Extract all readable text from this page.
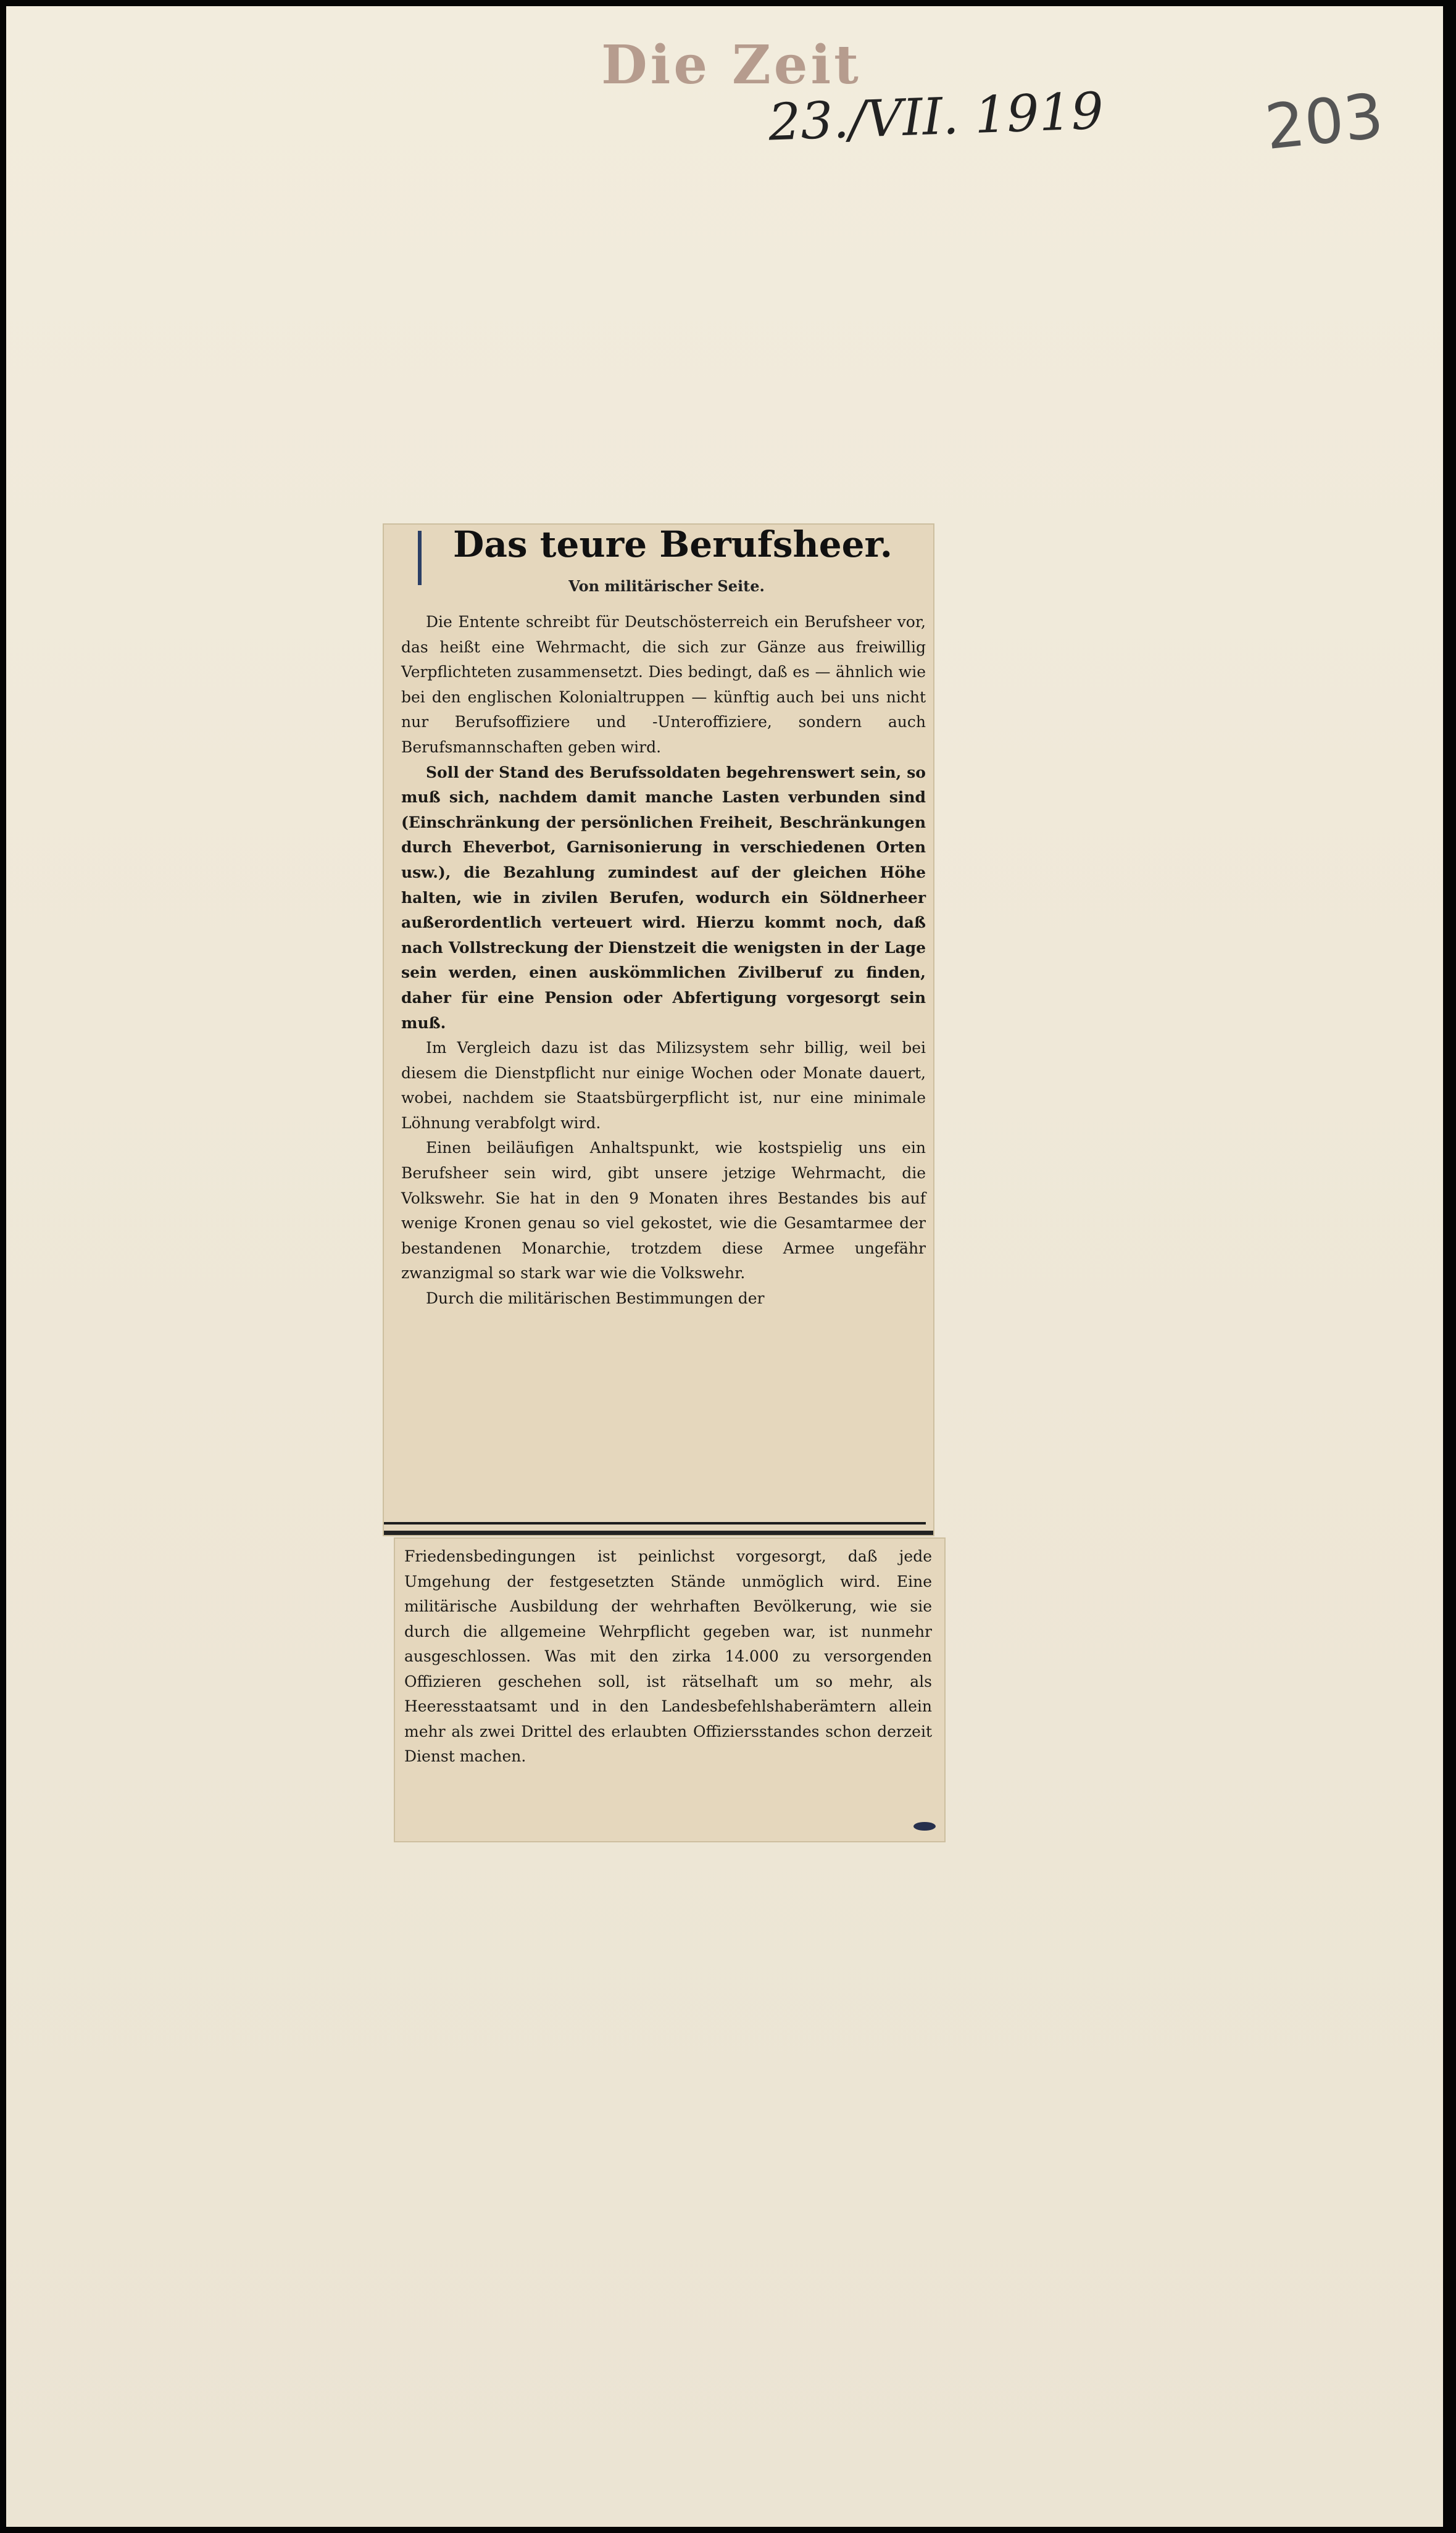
Die Zeit
23./VII. 1919	203
Das teure Berufsheer.
Von militärischer Seite.

Die Entente schreibt für Deutschösterreich ein Berufsheer vor, das heißt eine Wehrmacht, die sich zur Gänze aus freiwillig Verpflichteten zusammensetzt. Dies bedingt, daß es — ähnlich wie bei den englischen Kolonialtruppen — künftig auch bei uns nicht nur Berufsoffiziere und -Unteroffiziere, sondern auch Berufsmannschaften geben wird.

Soll der Stand des Berufssoldaten begehrenswert sein, so muß sich, nachdem damit manche Lasten verbunden sind (Einschränkung der persönlichen Freiheit, Beschränkungen durch Eheverbot, Garnisonierung in verschiedenen Orten usw.), die Bezahlung zumindest auf der gleichen Höhe halten, wie in zivilen Berufen, wodurch ein Söldnerheer außerordentlich verteuert wird. Hierzu kommt noch, daß nach Vollstreckung der Dienstzeit die wenigsten in der Lage sein werden, einen auskömmlichen Zivilberuf zu finden, daher für eine Pension oder Abfertigung vorgesorgt sein muß.

Im Vergleich dazu ist das Milizsystem sehr billig, weil bei diesem die Dienstpflicht nur einige Wochen oder Monate dauert, wobei, nachdem sie Staatsbürgerpflicht ist, nur eine minimale Löhnung verabfolgt wird.

Einen beiläufigen Anhaltspunkt, wie kostspielig uns ein Berufsheer sein wird, gibt unsere jetzige Wehrmacht, die Volkswehr. Sie hat in den 9 Monaten ihres Bestandes bis auf wenige Kronen genau so viel gekostet, wie die Gesamtarmee der bestandenen Monarchie, trotzdem diese Armee ungefähr zwanzigmal so stark war wie die Volkswehr.

Durch die militärischen Bestimmungen der

Friedensbedingungen ist peinlichst vorgesorgt, daß jede Umgehung der festgesetzten Stände unmöglich wird. Eine militärische Ausbildung der wehrhaften Bevölkerung, wie sie durch die allgemeine Wehrpflicht gegeben war, ist nunmehr ausgeschlossen. Was mit den zirka 14.000 zu versorgenden Offizieren geschehen soll, ist rätselhaft um so mehr, als Heeresstaatsamt und in den Landesbefehlshaberämtern allein mehr als zwei Drittel des erlaubten Offiziersstandes schon derzeit Dienst machen.
